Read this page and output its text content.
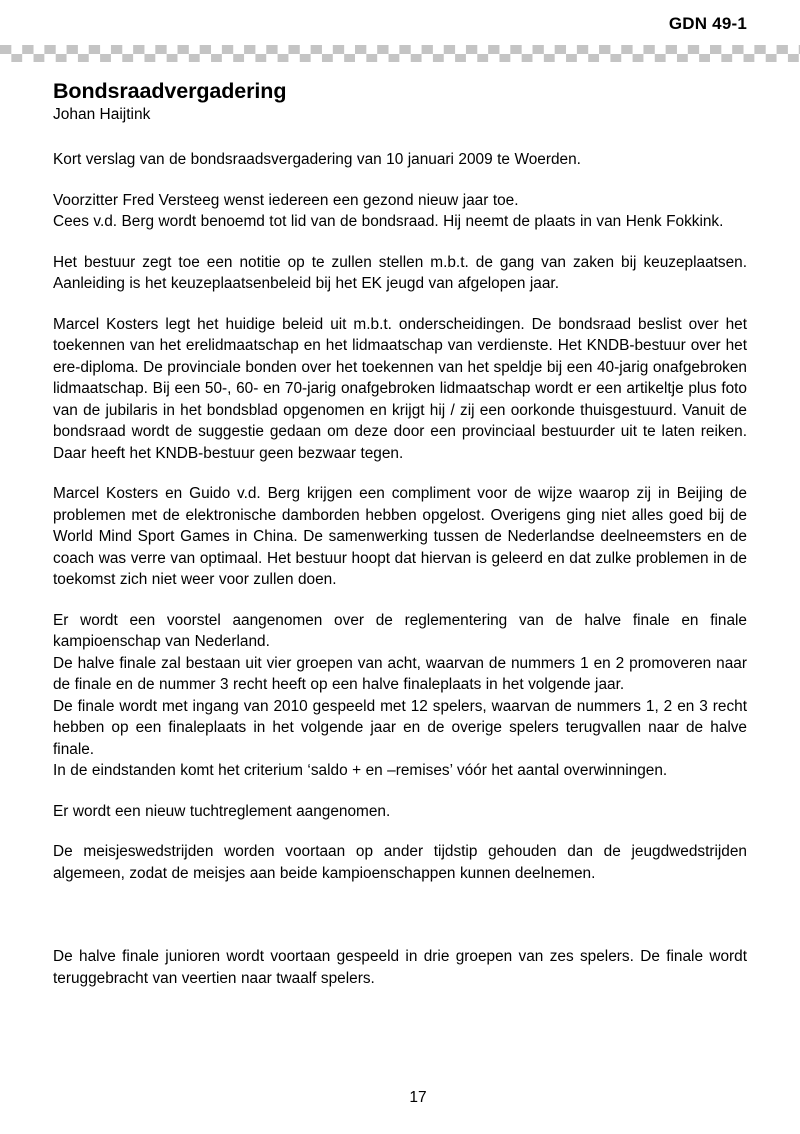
GDN 49-1
Bondsraadvergadering
Johan Haijtink

Kort verslag van de bondsraadsvergadering van 10 januari 2009 te Woerden.

Voorzitter Fred Versteeg wenst iedereen een gezond nieuw jaar toe.

Cees v.d. Berg wordt benoemd tot lid van de bondsraad. Hij neemt de plaats in van Henk Fokkink.

Het bestuur zegt toe een notitie op te zullen stellen m.b.t. de gang van zaken bij keuzeplaatsen. Aanleiding is het keuzeplaatsenbeleid bij het EK jeugd van afgelopen jaar.

Marcel Kosters legt het huidige beleid uit m.b.t. onderscheidingen. De bondsraad beslist over het toekennen van het erelidmaatschap en het lidmaatschap van verdienste. Het KNDB-bestuur over het ere-diploma. De provinciale bonden over het toekennen van het speldje bij een 40-jarig onafgebroken lidmaatschap. Bij een 50-, 60- en 70-jarig onafgebroken lidmaatschap wordt er een artikeltje plus foto van de jubilaris in het bondsblad opgenomen en krijgt hij / zij een oorkonde thuisgestuurd. Vanuit de bondsraad wordt de suggestie gedaan om deze door een provinciaal bestuurder uit te laten reiken. Daar heeft het KNDB-bestuur geen bezwaar tegen.

Marcel Kosters en Guido v.d. Berg krijgen een compliment voor de wijze waarop zij in Beijing de problemen met de elektronische damborden hebben opgelost. Overigens ging niet alles goed bij de World Mind Sport Games in China. De samenwerking tussen de Nederlandse deelneemsters en de coach was verre van optimaal. Het bestuur hoopt dat hiervan is geleerd en dat zulke problemen in de toekomst zich niet weer voor zullen doen.

Er wordt een voorstel aangenomen over de reglementering van de halve finale en finale kampioenschap van Nederland.

De halve finale zal bestaan uit vier groepen van acht, waarvan de nummers 1 en 2 promoveren naar de finale en de nummer 3 recht heeft op een halve finaleplaats in het volgende jaar.

De finale wordt met ingang van 2010 gespeeld met 12 spelers, waarvan de nummers 1, 2 en 3 recht hebben op een finaleplaats in het volgende jaar en de overige spelers terugvallen naar de halve finale.

In de eindstanden komt het criterium ‘saldo + en –remises’ vóór het aantal overwinningen.

Er wordt een nieuw tuchtreglement aangenomen.

De meisjeswedstrijden worden voortaan op ander tijdstip gehouden dan de jeugdwedstrijden algemeen, zodat de meisjes aan beide kampioenschappen kunnen deelnemen.

De halve finale junioren wordt voortaan gespeeld in drie groepen van zes spelers. De finale wordt teruggebracht van veertien naar twaalf spelers.

17
